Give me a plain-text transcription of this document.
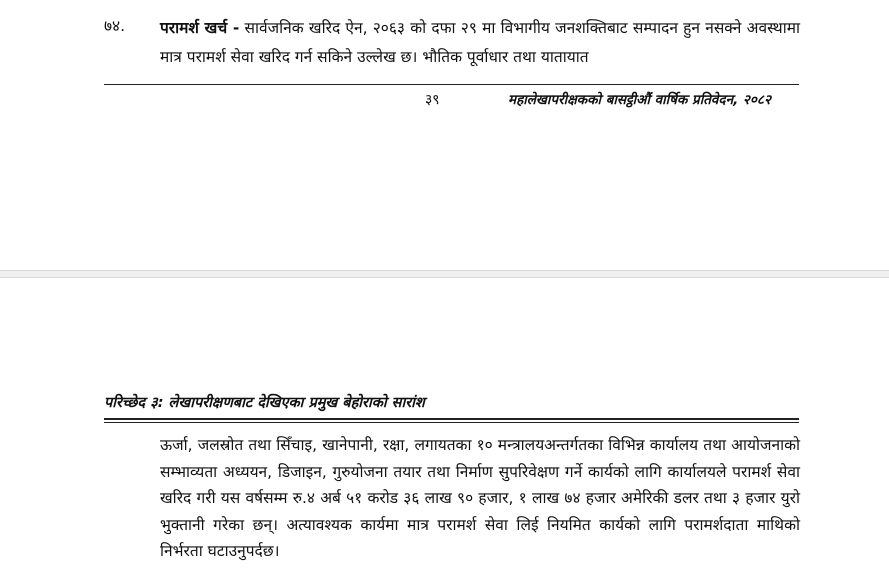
७४. परामर्श खर्च - सार्वजनिक खरिद ऐन, २०६३ को दफा २९ मा विभागीय जनशक्तिबाट सम्पादन हुन नसक्ने अवस्थामा मात्र परामर्श सेवा खरिद गर्न सकिने उल्लेख छ। भौतिक पूर्वाधार तथा यातायात

३९	महालेखापरीक्षकको बासट्ठीऔं वार्षिक प्रतिवेदन, २०८२
परिच्छेद ३: लेखापरीक्षणबाट देखिएका प्रमुख बेहोराको सारांश

ऊर्जा, जलस्रोत तथा सिँचाइ, खानेपानी, रक्षा, लगायतका १० मन्त्रालयअन्तर्गतका विभिन्न कार्यालय तथा आयोजनाको सम्भाव्यता अध्ययन, डिजाइन, गुरुयोजना तयार तथा निर्माण सुपरिवेक्षण गर्ने कार्यको लागि कार्यालयले परामर्श सेवा खरिद गरी यस वर्षसम्म रु.४ अर्ब ५१ करोड ३६ लाख ९० हजार, १ लाख ७४ हजार अमेरिकी डलर तथा ३ हजार युरो भुक्तानी गरेका छन्। अत्यावश्यक कार्यमा मात्र परामर्श सेवा लिई नियमित कार्यको लागि परामर्शदाता माथिको निर्भरता घटाउनुपर्दछ।
